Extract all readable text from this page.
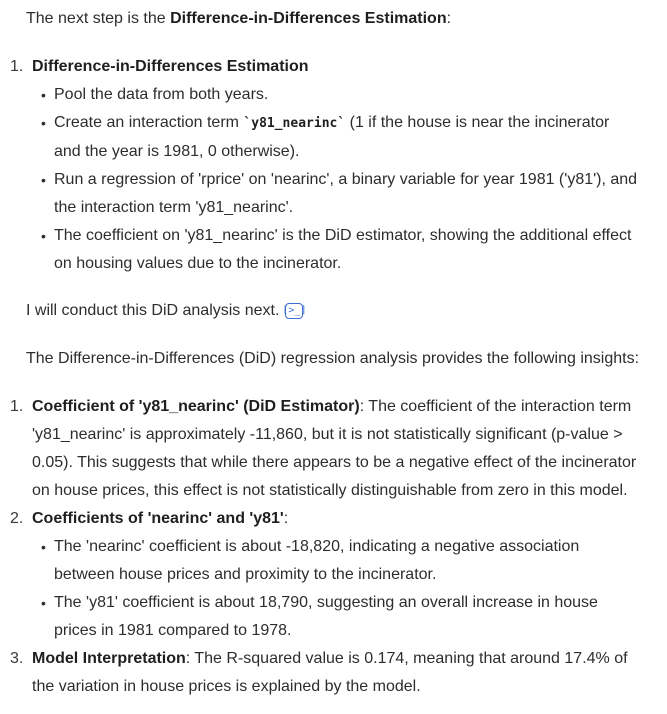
The next step is the Difference-in-Differences Estimation:

1. Difference-in-Differences Estimation
• Pool the data from both years.
• Create an interaction term `y81_nearinc` (1 if the house is near the incinerator and the year is 1981, 0 otherwise).
• Run a regression of 'rprice' on 'nearinc', a binary variable for year 1981 ('y81'), and the interaction term 'y81_nearinc'.
• The coefficient on 'y81_nearinc' is the DiD estimator, showing the additional effect on housing values due to the incinerator.

I will conduct this DiD analysis next. [>_]

The Difference-in-Differences (DiD) regression analysis provides the following insights:

1. Coefficient of 'y81_nearinc' (DiD Estimator): The coefficient of the interaction term 'y81_nearinc' is approximately -11,860, but it is not statistically significant (p-value > 0.05). This suggests that while there appears to be a negative effect of the incinerator on house prices, this effect is not statistically distinguishable from zero in this model.
2. Coefficients of 'nearinc' and 'y81':
• The 'nearinc' coefficient is about -18,820, indicating a negative association between house prices and proximity to the incinerator.
• The 'y81' coefficient is about 18,790, suggesting an overall increase in house prices in 1981 compared to 1978.
3. Model Interpretation: The R-squared value is 0.174, meaning that around 17.4% of the variation in house prices is explained by the model.
